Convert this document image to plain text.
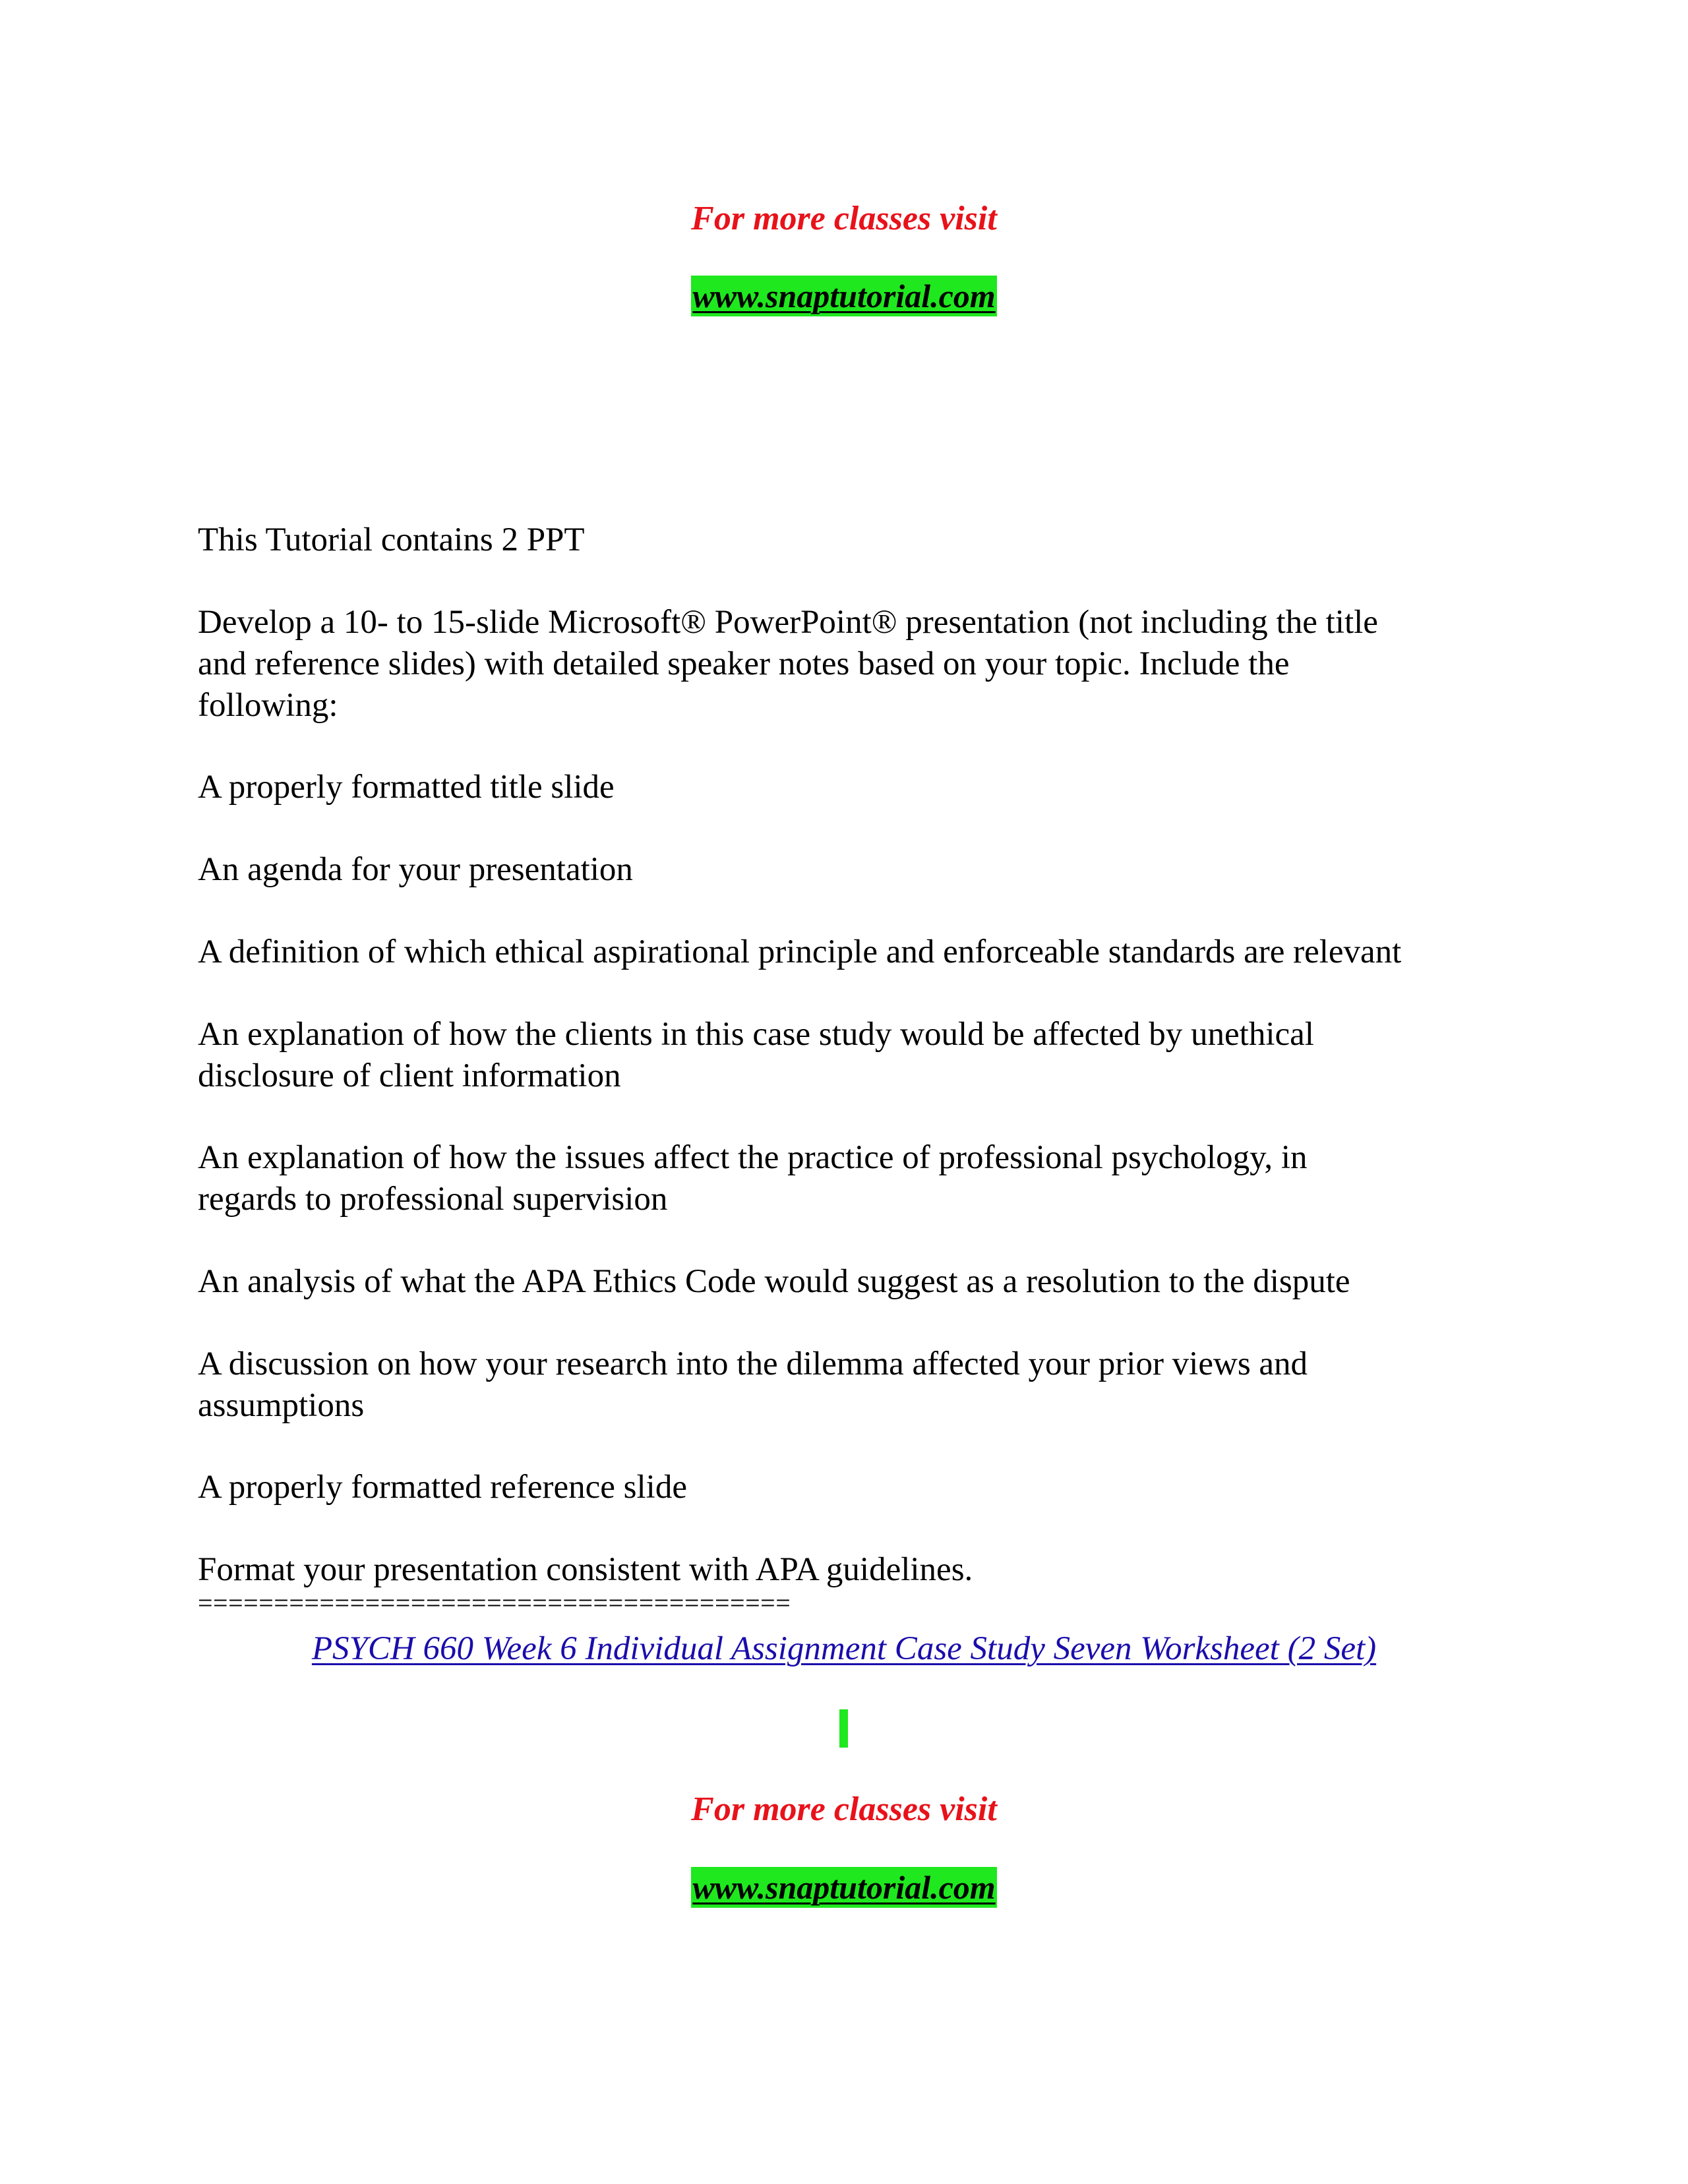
For more classes visit
www.snaptutorial.com
This Tutorial contains 2 PPT
Develop a 10- to 15-slide Microsoft® PowerPoint® presentation (not including the title
and reference slides) with detailed speaker notes based on your topic. Include the
following:
A properly formatted title slide
An agenda for your presentation
A definition of which ethical aspirational principle and enforceable standards are relevant
An explanation of how the clients in this case study would be affected by unethical
disclosure of client information
An explanation of how the issues affect the practice of professional psychology, in
regards to professional supervision
An analysis of what the APA Ethics Code would suggest as a resolution to the dispute
A discussion on how your research into the dilemma affected your prior views and
assumptions
A properly formatted reference slide
Format your presentation consistent with APA guidelines.
=======================================
PSYCH 660 Week 6 Individual Assignment Case Study Seven Worksheet (2 Set)
For more classes visit
www.snaptutorial.com
